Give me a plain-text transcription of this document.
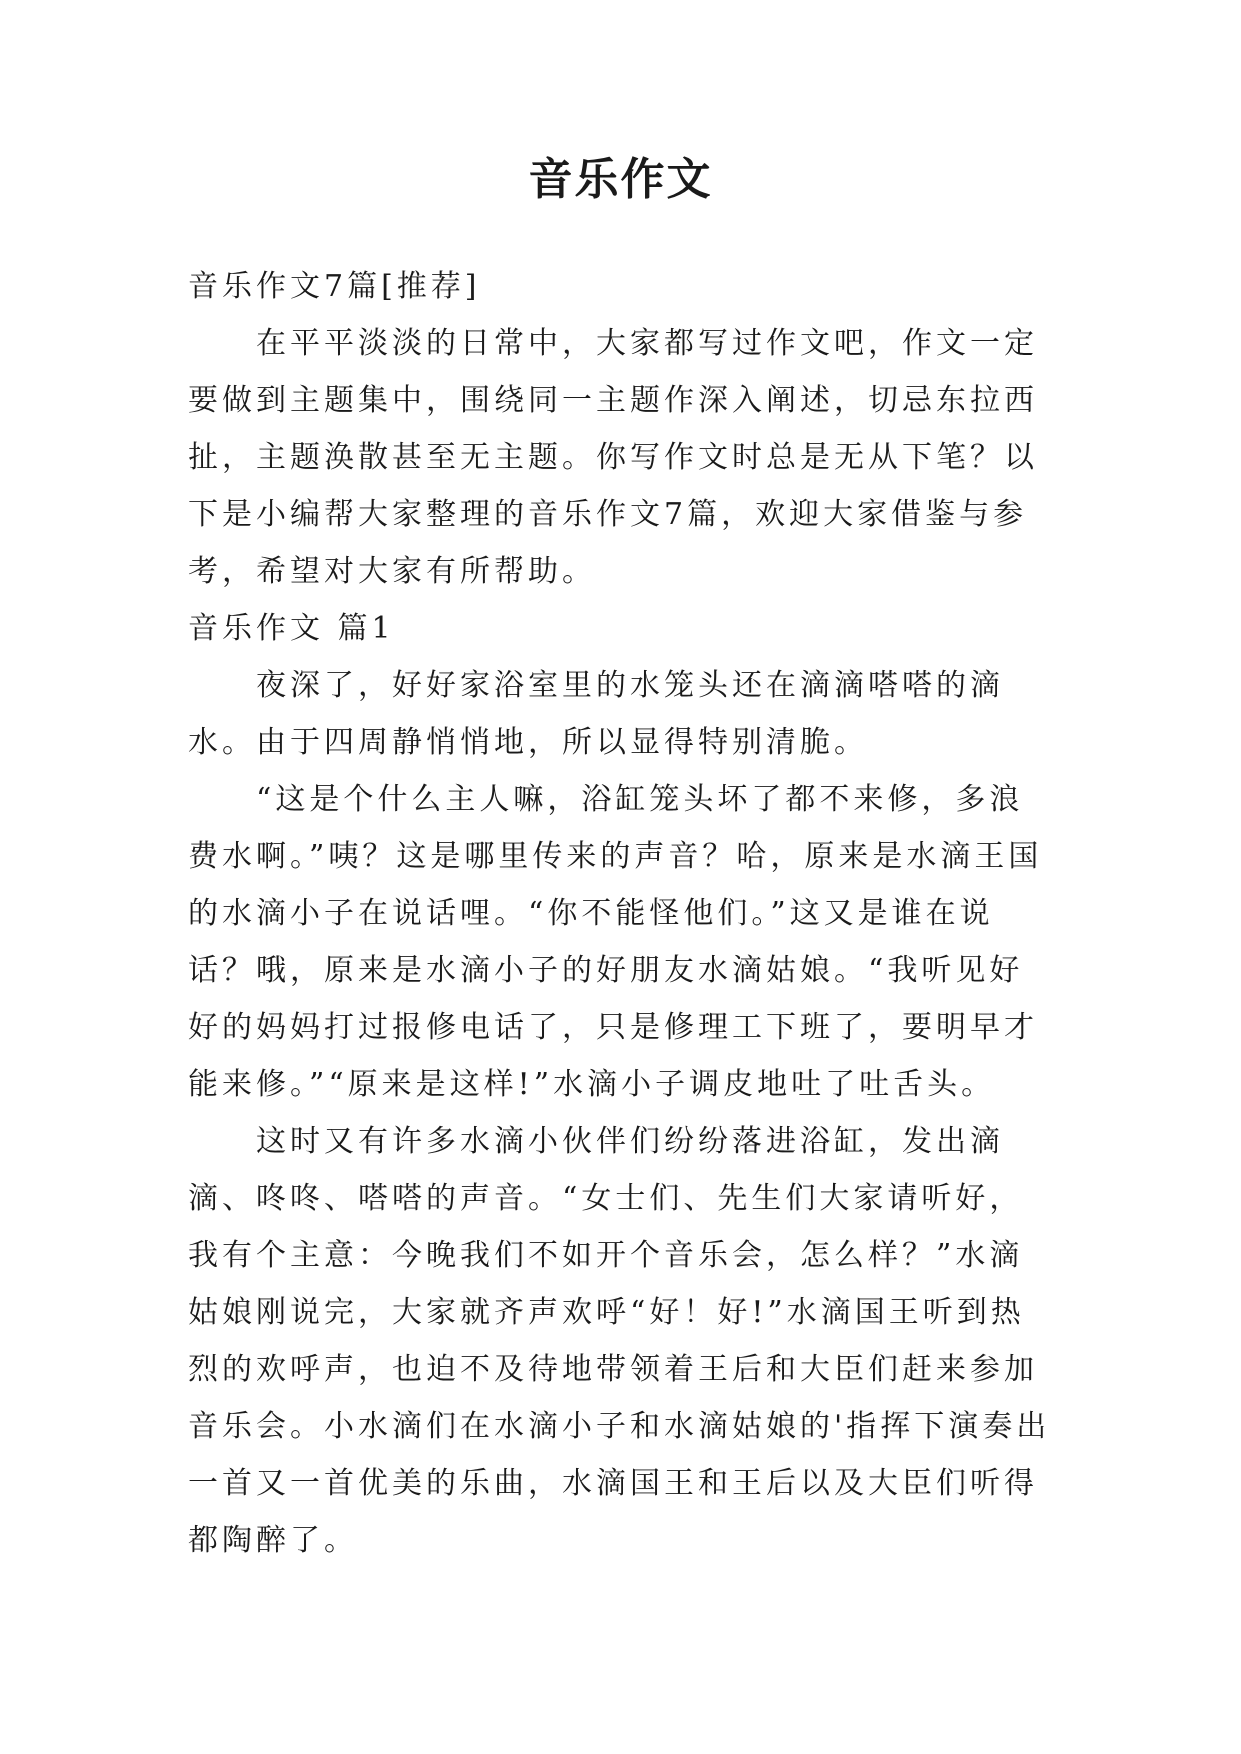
音乐作文

音乐作文7篇[推荐]

在平平淡淡的日常中，大家都写过作文吧，作文一定要做到主题集中，围绕同一主题作深入阐述，切忌东拉西扯，主题涣散甚至无主题。你写作文时总是无从下笔？以下是小编帮大家整理的音乐作文7篇，欢迎大家借鉴与参考，希望对大家有所帮助。

音乐作文 篇1

夜深了，好好家浴室里的水笼头还在滴滴嗒嗒的滴水。由于四周静悄悄地，所以显得特别清脆。

“这是个什么主人嘛，浴缸笼头坏了都不来修，多浪费水啊。”咦？这是哪里传来的声音？哈，原来是水滴王国的水滴小子在说话哩。“你不能怪他们。”这又是谁在说话？哦，原来是水滴小子的好朋友水滴姑娘。“我听见好好的妈妈打过报修电话了，只是修理工下班了，要明早才能来修。”“原来是这样!”水滴小子调皮地吐了吐舌头。

这时又有许多水滴小伙伴们纷纷落进浴缸，发出滴滴、咚咚、嗒嗒的声音。“女士们、先生们大家请听好，我有个主意：今晚我们不如开个音乐会，怎么样？”水滴姑娘刚说完，大家就齐声欢呼“好！好!”水滴国王听到热烈的欢呼声，也迫不及待地带领着王后和大臣们赶来参加音乐会。小水滴们在水滴小子和水滴姑娘的'指挥下演奏出一首又一首优美的乐曲，水滴国王和王后以及大臣们听得都陶醉了。
